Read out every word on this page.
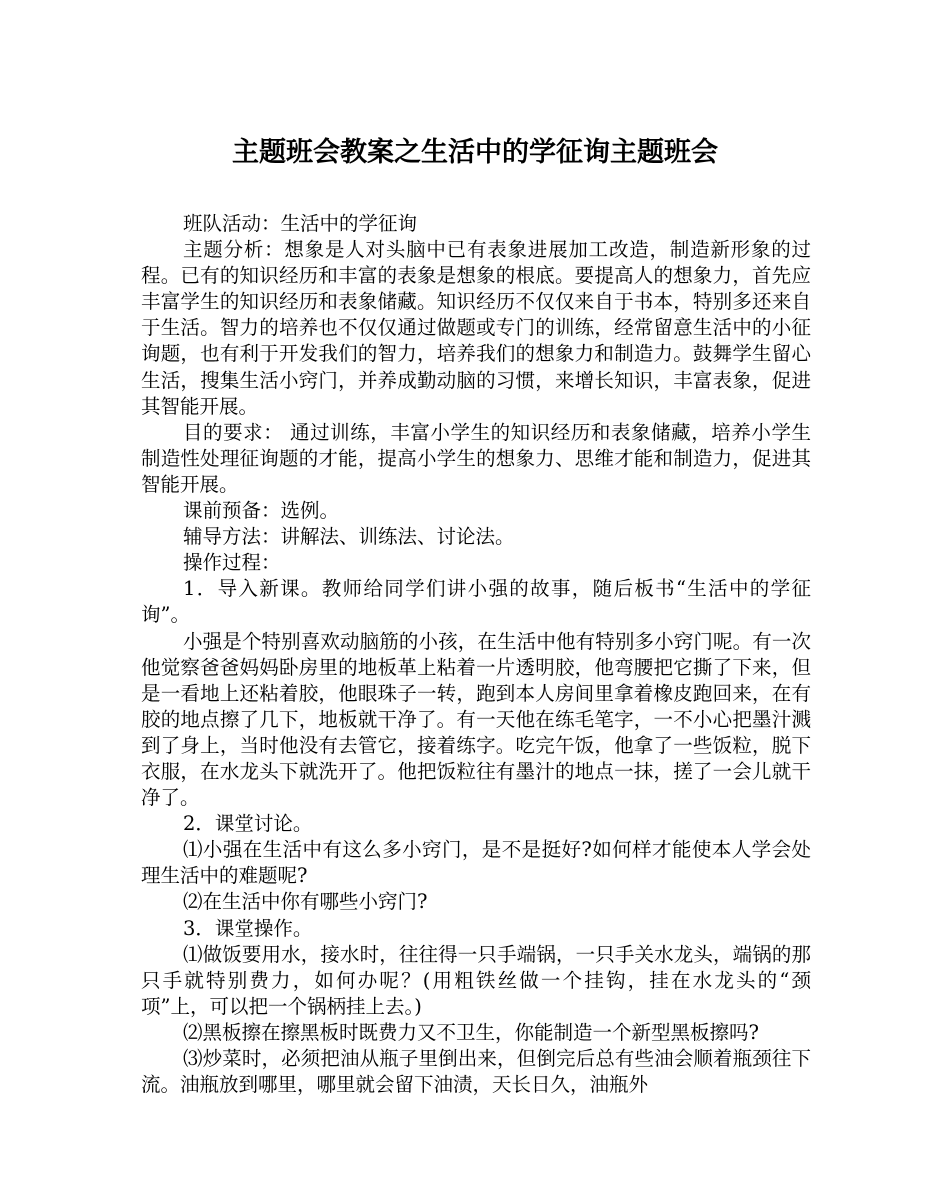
主题班会教案之生活中的学征询主题班会

班队活动：生活中的学征询

主题分析：想象是人对头脑中已有表象进展加工改造，制造新形象的过程。已有的知识经历和丰富的表象是想象的根底。要提高人的想象力，首先应丰富学生的知识经历和表象储藏。知识经历不仅仅来自于书本，特别多还来自于生活。智力的培养也不仅仅通过做题或专门的训练，经常留意生活中的小征询题，也有利于开发我们的智力，培养我们的想象力和制造力。鼓舞学生留心生活，搜集生活小窍门，并养成勤动脑的习惯，来增长知识，丰富表象，促进其智能开展。

目的要求： 通过训练，丰富小学生的知识经历和表象储藏，培养小学生制造性处理征询题的才能，提高小学生的想象力、思维才能和制造力，促进其智能开展。

课前预备：选例。

辅导方法：讲解法、训练法、讨论法。

操作过程：

1．导入新课。教师给同学们讲小强的故事，随后板书“生活中的学征询”。

小强是个特别喜欢动脑筋的小孩，在生活中他有特别多小窍门呢。有一次他觉察爸爸妈妈卧房里的地板革上粘着一片透明胶，他弯腰把它撕了下来，但是一看地上还粘着胶，他眼珠子一转，跑到本人房间里拿着橡皮跑回来，在有胶的地点擦了几下，地板就干净了。有一天他在练毛笔字，一不小心把墨汁溅到了身上，当时他没有去管它，接着练字。吃完午饭，他拿了一些饭粒，脱下衣服，在水龙头下就洗开了。他把饭粒往有墨汁的地点一抹，搓了一会儿就干净了。

2．课堂讨论。

⑴小强在生活中有这么多小窍门，是不是挺好?如何样才能使本人学会处理生活中的难题呢?

⑵在生活中你有哪些小窍门?

3．课堂操作。

⑴做饭要用水，接水时，往往得一只手端锅，一只手关水龙头，端锅的那只手就特别费力，如何办呢？(用粗铁丝做一个挂钩，挂在水龙头的“颈项”上，可以把一个锅柄挂上去。)

⑵黑板擦在擦黑板时既费力又不卫生，你能制造一个新型黑板擦吗?

⑶炒菜时，必须把油从瓶子里倒出来，但倒完后总有些油会顺着瓶颈往下流。油瓶放到哪里，哪里就会留下油渍，天长日久，油瓶外
